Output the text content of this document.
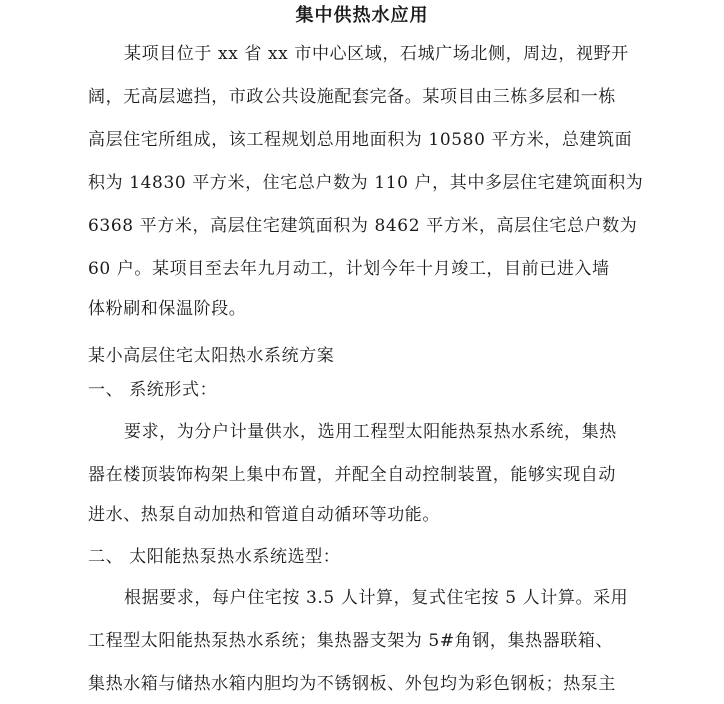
集中供热水应用
某项目位于 xx 省 xx 市中心区域，石城广场北侧，周边，视野开
阔，无高层遮挡，市政公共设施配套完备。某项目由三栋多层和一栋
高层住宅所组成，该工程规划总用地面积为 10580 平方米，总建筑面
积为 14830 平方米，住宅总户数为 110 户，其中多层住宅建筑面积为
6368 平方米，高层住宅建筑面积为 8462 平方米，高层住宅总户数为
60 户。某项目至去年九月动工，计划今年十月竣工，目前已进入墙
体粉刷和保温阶段。
某小高层住宅太阳热水系统方案
一、 系统形式：
要求，为分户计量供水，选用工程型太阳能热泵热水系统，集热
器在楼顶装饰构架上集中布置，并配全自动控制装置，能够实现自动
进水、热泵自动加热和管道自动循环等功能。
二、 太阳能热泵热水系统选型：
根据要求，每户住宅按 3.5 人计算，复式住宅按 5 人计算。采用
工程型太阳能热泵热水系统；集热器支架为 5#角钢，集热器联箱、
集热水箱与储热水箱内胆均为不锈钢板、外包均为彩色钢板；热泵主
